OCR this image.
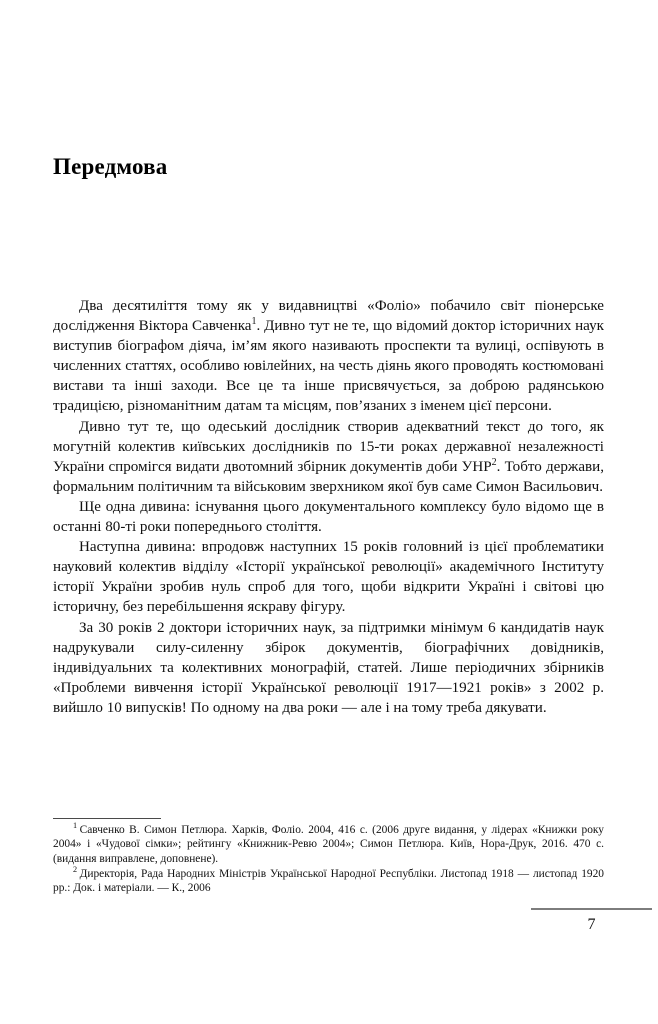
Передмова

Два десятиліття тому як у видавництві «Фоліо» побачило світ піонерське дослідження Віктора Савченка$^1$. Дивно тут не те, що відомий доктор історичних наук виступив біографом діяча, ім’ям якого називають проспекти та вулиці, оспівують в численних статтях, особливо ювілейних, на честь діянь якого проводять костюмовані вистави та інші заходи. Все це та інше присвячується, за доброю радянською традицією, різноманітним датам та місцям, пов’язаних з іменем цієї персони.

Дивно тут те, що одеський дослідник створив адекватний текст до того, як могутній колектив київських дослідників по 15-ти роках державної незалежності України спромігся видати двотомний збірник документів доби УНР$^2$. Тобто держави, формальним політичним та військовим зверхником якої був саме Симон Васильович.

Ще одна дивина: існування цього документального комплексу було відомо ще в останні 80-ті роки попереднього століття.

Наступна дивина: впродовж наступних 15 років головний із цієї проблематики науковий колектив відділу «Історії української революції» академічного Інституту історії України зробив нуль спроб для того, щоби відкрити Україні і світові цю історичну, без перебільшення яскраву фігуру.

За 30 років 2 доктори історичних наук, за підтримки мінімум 6 кандидатів наук надрукували силу-силенну збірок документів, біографічних довідників, індивідуальних та колективних монографій, статей. Лише періодичних збірників «Проблеми вивчення історії Української революції 1917—1921 років» з 2002 р. вийшло 10 випусків! По одному на два роки — але і на тому треба дякувати.

$^1$ Савченко В. Симон Петлюра. Харків, Фоліо. 2004, 416 с. (2006 друге видання, у лідерах «Книжки року 2004» і «Чудової сімки»; рейтингу «Книжник-Ревю 2004»; Симон Петлюра. Київ, Нора-Друк, 2016. 470 с. (видання виправлене, доповнене).

$^2$ Директорія, Рада Народних Міністрів Української Народної Республіки. Листопад 1918 — листопад 1920 рр.: Док. і матеріали. — К., 2006

7
